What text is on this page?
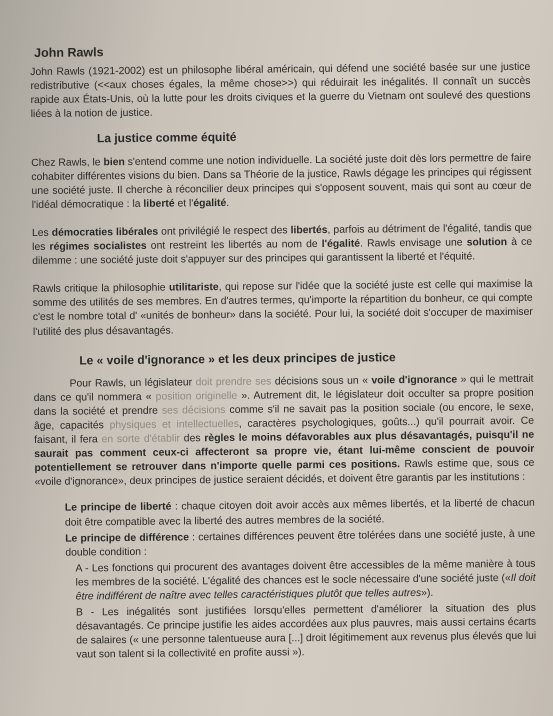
John Rawls

John Rawls (1921-2002) est un philosophe libéral américain, qui défend une société basée sur une justice redistributive (<<aux choses égales, la même chose>>) qui réduirait les inégalités. Il connaît un succès rapide aux États-Unis, où la lutte pour les droits civiques et la guerre du Vietnam ont soulevé des questions liées à la notion de justice.

La justice comme équité

Chez Rawls, le bien s'entend comme une notion individuelle. La société juste doit dès lors permettre de faire cohabiter différentes visions du bien. Dans sa Théorie de la justice, Rawls dégage les principes qui régissent une société juste. Il cherche à réconcilier deux principes qui s'opposent souvent, mais qui sont au cœur de l'idéal démocratique : la liberté et l'égalité.

Les démocraties libérales ont privilégié le respect des libertés, parfois au détriment de l'égalité, tandis que les régimes socialistes ont restreint les libertés au nom de l'égalité. Rawls envisage une solution à ce dilemme : une société juste doit s'appuyer sur des principes qui garantissent la liberté et l'équité.

Rawls critique la philosophie utilitariste, qui repose sur l'idée que la société juste est celle qui maximise la somme des utilités de ses membres. En d'autres termes, qu'importe la répartition du bonheur, ce qui compte c'est le nombre total d' «unités de bonheur» dans la société. Pour lui, la société doit s'occuper de maximiser l'utilité des plus désavantagés.

Le « voile d'ignorance » et les deux principes de justice

Pour Rawls, un législateur doit prendre ses décisions sous un « voile d'ignorance » qui le mettrait dans ce qu'il nommera « position originelle ». Autrement dit, le législateur doit occulter sa propre position dans la société et prendre ses décisions comme s'il ne savait pas la position sociale (ou encore, le sexe, âge, capacités physiques et intellectuelles, caractères psychologiques, goûts...) qu'il pourrait avoir. Ce faisant, il fera en sorte d'établir des règles le moins défavorables aux plus désavantagés, puisqu'il ne saurait pas comment ceux-ci affecteront sa propre vie, étant lui-même conscient de pouvoir potentiellement se retrouver dans n'importe quelle parmi ces positions. Rawls estime que, sous ce «voile d'ignorance», deux principes de justice seraient décidés, et doivent être garantis par les institutions :

Le principe de liberté : chaque citoyen doit avoir accès aux mêmes libertés, et la liberté de chacun doit être compatible avec la liberté des autres membres de la société.

Le principe de différence : certaines différences peuvent être tolérées dans une société juste, à une double condition :

A - Les fonctions qui procurent des avantages doivent être accessibles de la même manière à tous les membres de la société. L'égalité des chances est le socle nécessaire d'une société juste («Il doit être indifférent de naître avec telles caractéristiques plutôt que telles autres»).

B - Les inégalités sont justifiées lorsqu'elles permettent d'améliorer la situation des plus désavantagés. Ce principe justifie les aides accordées aux plus pauvres, mais aussi certains écarts de salaires (« une personne talentueuse aura [...] droit légitimement aux revenus plus élevés que lui vaut son talent si la collectivité en profite aussi »).
